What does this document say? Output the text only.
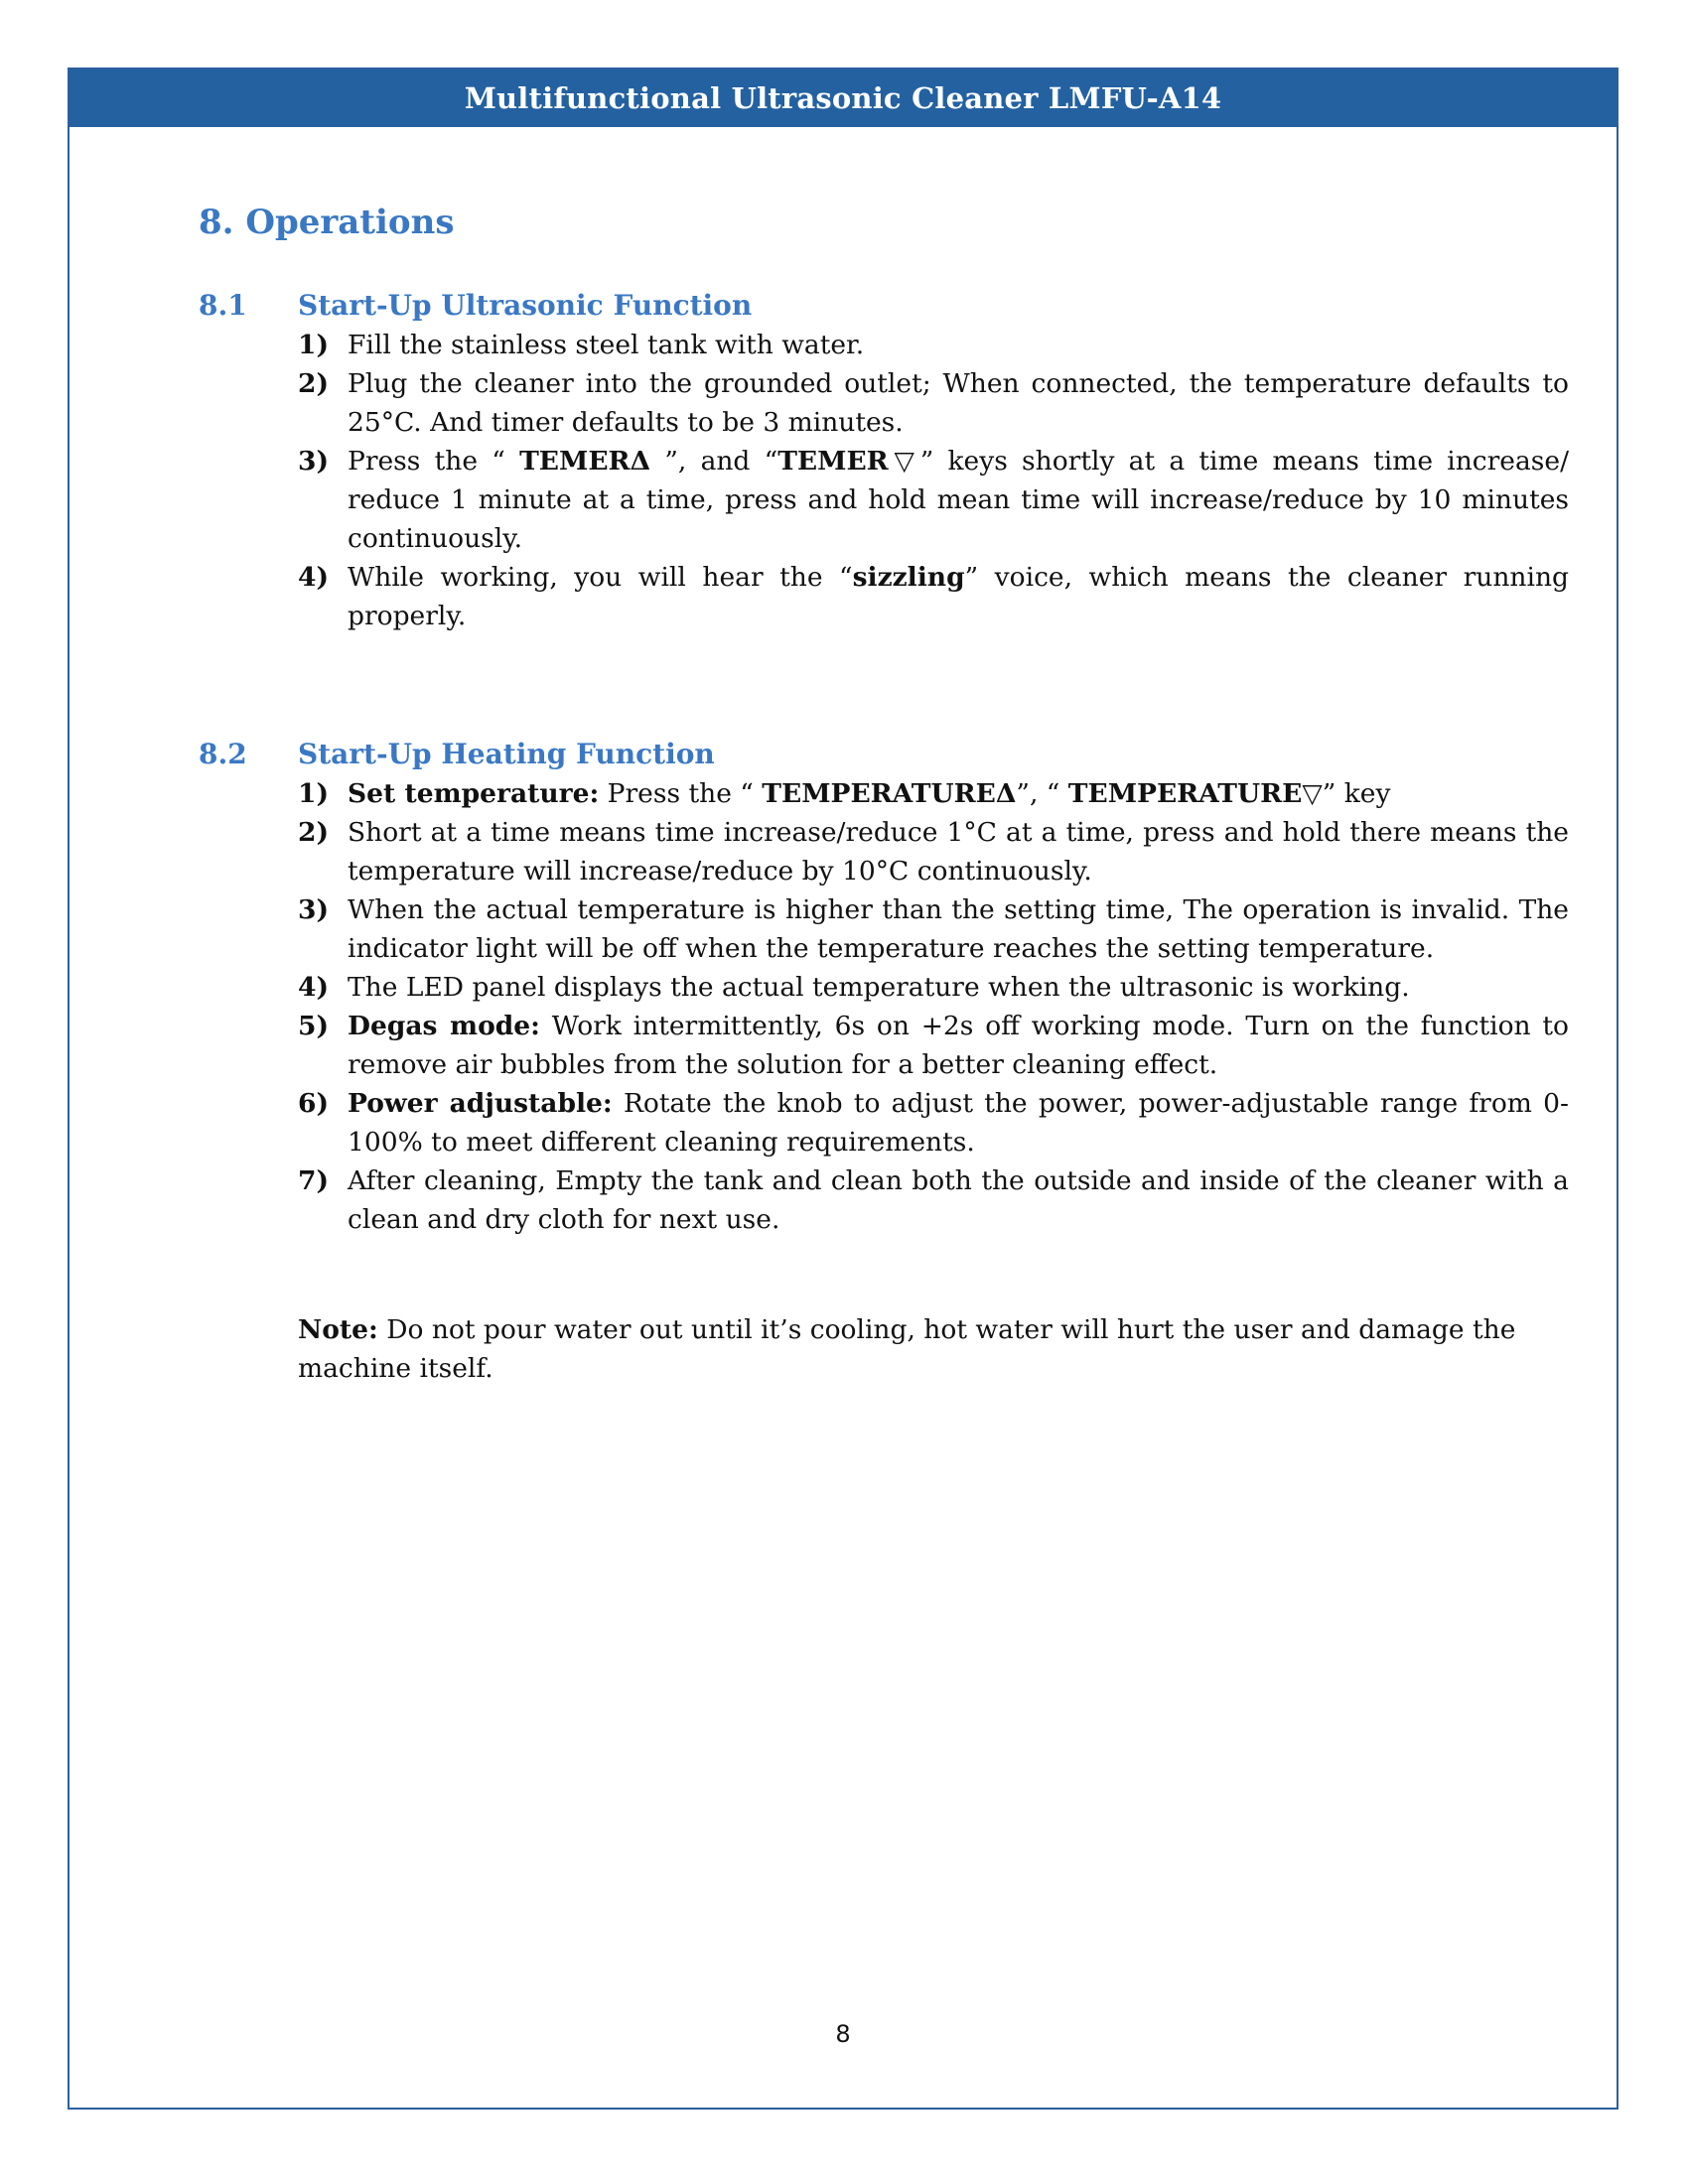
Multifunctional Ultrasonic Cleaner LMFU-A14
8. Operations
8.1	Start-Up Ultrasonic Function
1) Fill the stainless steel tank with water.
2) Plug the cleaner into the grounded outlet; When connected, the temperature defaults to 25°C. And timer defaults to be 3 minutes.
3) Press the “ TEMERΔ ”, and “TEMER▽” keys shortly at a time means time increase/ reduce 1 minute at a time, press and hold mean time will increase/reduce by 10 minutes continuously.
4) While working, you will hear the “sizzling” voice, which means the cleaner running properly.
8.2	Start-Up Heating Function
1) Set temperature: Press the “ TEMPERATUREΔ”, “ TEMPERATURE▽” key
2) Short at a time means time increase/reduce 1°C at a time, press and hold there means the temperature will increase/reduce by 10°C continuously.
3) When the actual temperature is higher than the setting time, The operation is invalid. The indicator light will be off when the temperature reaches the setting temperature.
4) The LED panel displays the actual temperature when the ultrasonic is working.
5) Degas mode: Work intermittently, 6s on +2s off working mode. Turn on the function to remove air bubbles from the solution for a better cleaning effect.
6) Power adjustable: Rotate the knob to adjust the power, power-adjustable range from 0-100% to meet different cleaning requirements.
7) After cleaning, Empty the tank and clean both the outside and inside of the cleaner with a clean and dry cloth for next use.
Note: Do not pour water out until it’s cooling, hot water will hurt the user and damage the machine itself.
8
